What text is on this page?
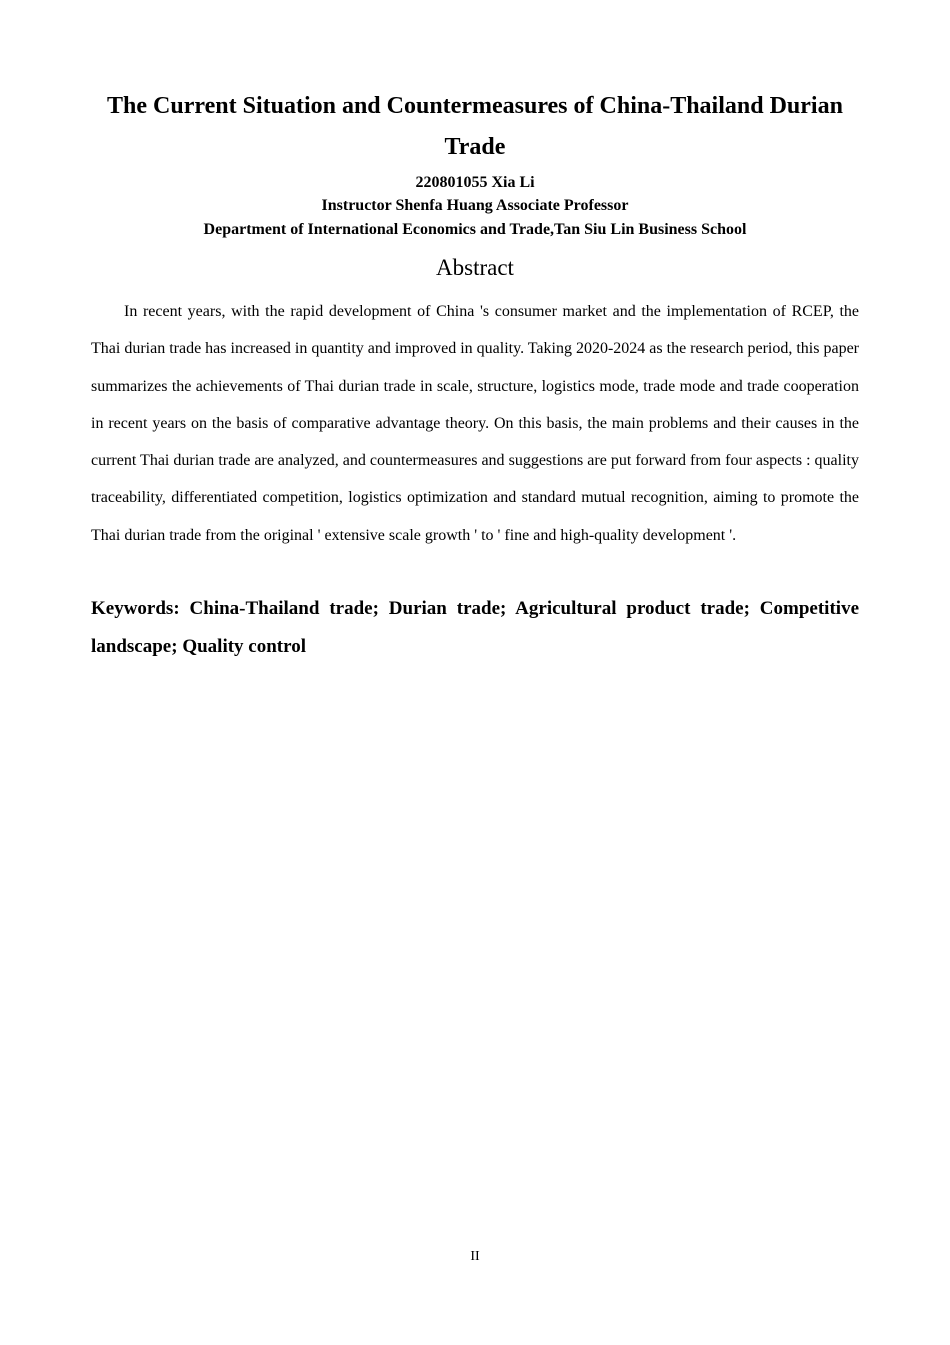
The Current Situation and Countermeasures of China-Thailand Durian Trade

220801055 Xia Li

Instructor Shenfa Huang Associate Professor

Department of International Economics and Trade,Tan Siu Lin Business School

Abstract

In recent years, with the rapid development of China 's consumer market and the implementation of RCEP, the Thai durian trade has increased in quantity and improved in quality. Taking 2020-2024 as the research period, this paper summarizes the achievements of Thai durian trade in scale, structure, logistics mode, trade mode and trade cooperation in recent years on the basis of comparative advantage theory. On this basis, the main problems and their causes in the current Thai durian trade are analyzed, and countermeasures and suggestions are put forward from four aspects : quality traceability, differentiated competition, logistics optimization and standard mutual recognition, aiming to promote the Thai durian trade from the original ' extensive scale growth ' to ' fine and high-quality development '.

Keywords: China-Thailand trade; Durian trade; Agricultural product trade; Competitive landscape; Quality control

II
